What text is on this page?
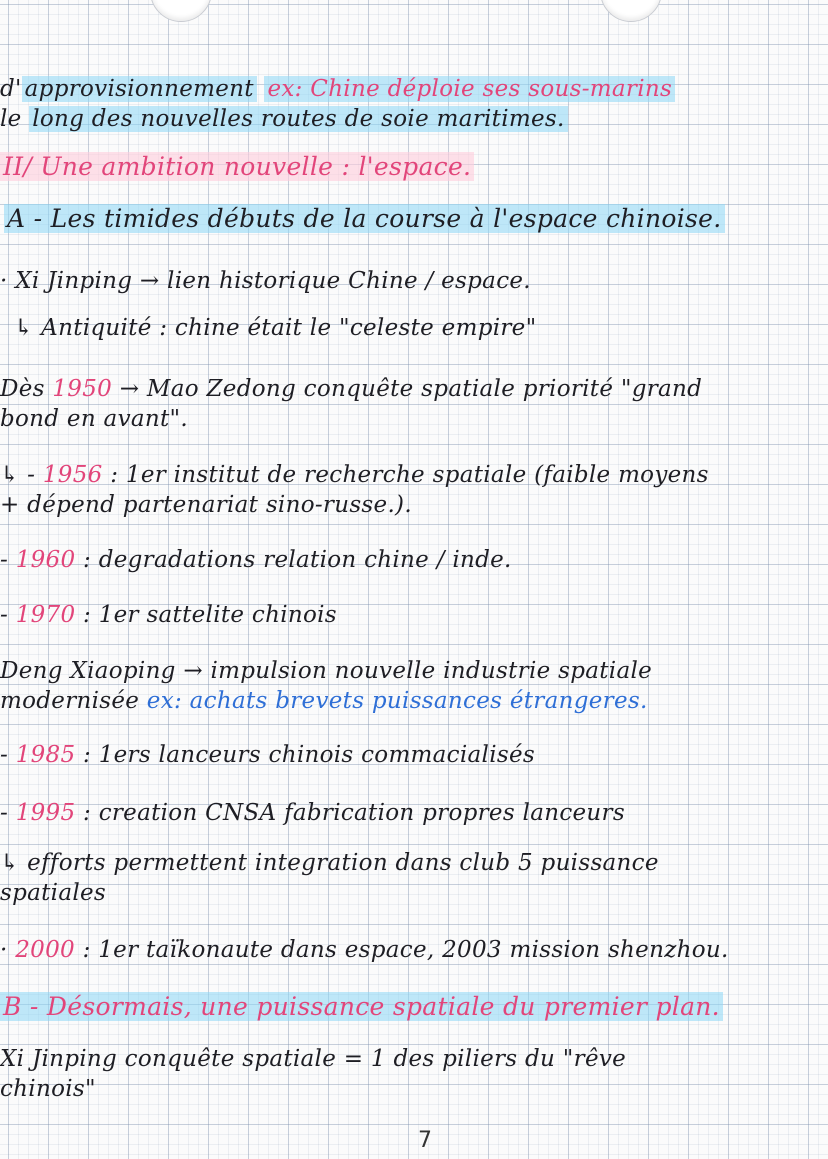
d' approvisionnement ex: Chine déploie ses sous-marins
le long des nouvelles routes de soie maritimes.
II/ Une ambition nouvelle : l'espace.
A - Les timides débuts de la course à l'espace chinoise.
· Xi Jinping → lien historique Chine / espace.
↳ Antiquité : chine était le "celeste empire"
Dès 1950 → Mao Zedong conquête spatiale priorité "grand
bond en avant".
↳ - 1956 : 1er institut de recherche spatiale (faible moyens
+ dépend partenariat sino-russe.).
- 1960 : degradations relation chine / inde.
- 1970 : 1er sattelite chinois
Deng Xiaoping → impulsion nouvelle industrie spatiale
modernisée ex: achats brevets puissances étrangeres.
- 1985 : 1ers lanceurs chinois commacialisés
- 1995 : creation CNSA fabrication propres lanceurs
↳ efforts permettent integration dans club 5 puissance
spatiales
· 2000 : 1er taïkonaute dans espace, 2003 mission shenzhou.
B - Désormais, une puissance spatiale du premier plan.
Xi Jinping conquête spatiale = 1 des piliers du "rêve
chinois"
7
